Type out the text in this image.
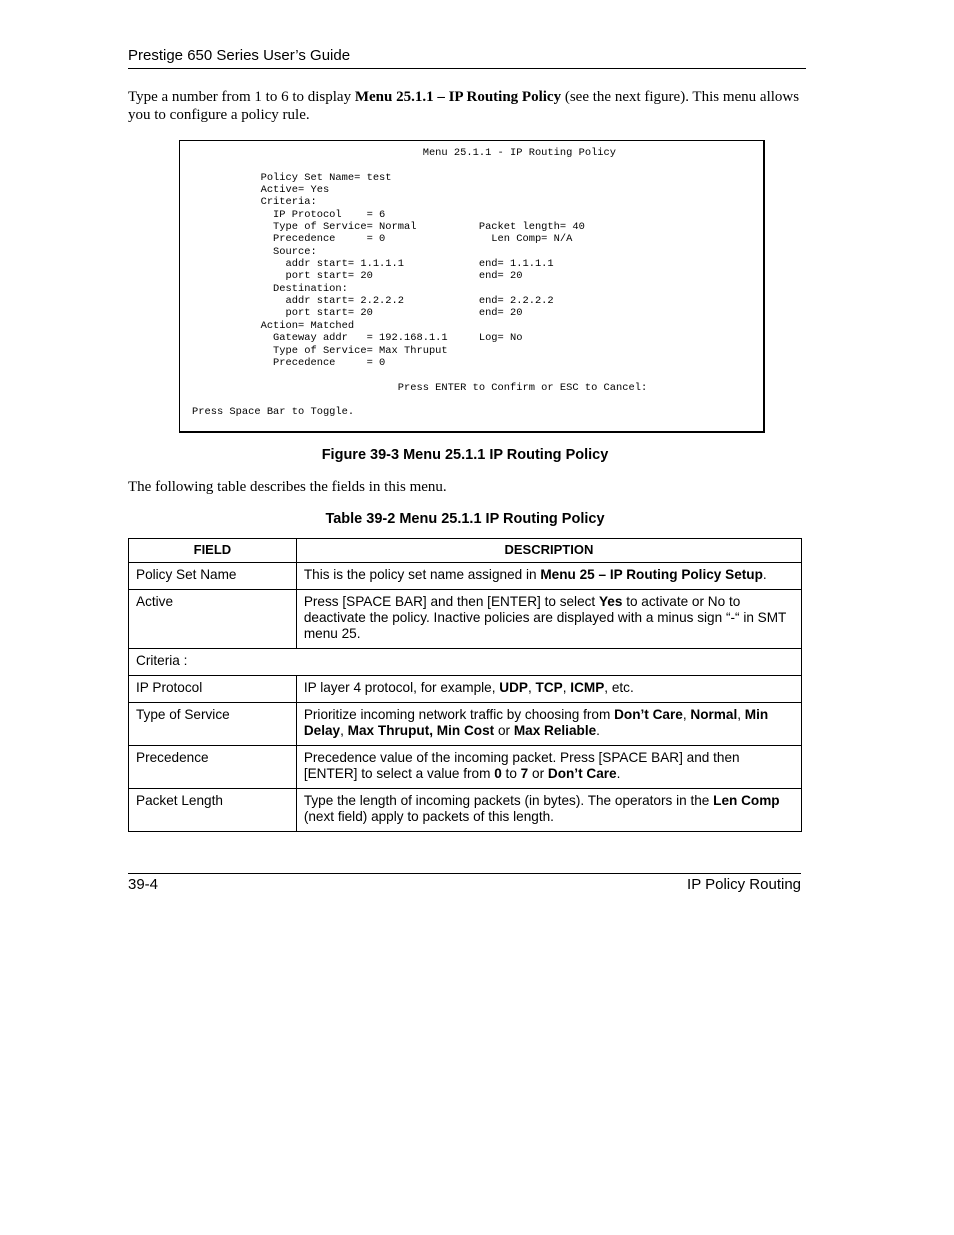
Prestige 650 Series User’s Guide
Type a number from 1 to 6 to display Menu 25.1.1 – IP Routing Policy (see the next figure). This menu allows you to configure a policy rule.
Menu 25.1.1 - IP Routing Policy

Policy Set Name= test
Active= Yes
Criteria:
IP Protocol    = 6
Type of Service= Normal          Packet length= 40
Precedence     = 0                 Len Comp= N/A
Source:
addr start= 1.1.1.1            end= 1.1.1.1
port start= 20                 end= 20
Destination:
addr start= 2.2.2.2            end= 2.2.2.2
port start= 20                 end= 20
Action= Matched
Gateway addr   = 192.168.1.1     Log= No
Type of Service= Max Thruput
Precedence     = 0

Press ENTER to Confirm or ESC to Cancel:

Press Space Bar to Toggle.
Figure 39-3 Menu 25.1.1 IP Routing Policy
The following table describes the fields in this menu.
Table 39-2 Menu 25.1.1 IP Routing Policy
FIELD	DESCRIPTION
Policy Set Name	This is the policy set name assigned in Menu 25 – IP Routing Policy Setup.
Active	Press [SPACE BAR] and then [ENTER] to select Yes to activate or No to deactivate the policy. Inactive policies are displayed with a minus sign “-“ in SMT menu 25.
Criteria :	
IP Protocol	IP layer 4 protocol, for example, UDP, TCP, ICMP, etc.
Type of Service	Prioritize incoming network traffic by choosing from Don’t Care, Normal, Min Delay, Max Thruput, Min Cost or Max Reliable.
Precedence	Precedence value of the incoming packet. Press [SPACE BAR] and then [ENTER] to select a value from 0 to 7 or Don’t Care.
Packet Length	Type the length of incoming packets (in bytes). The operators in the Len Comp (next field) apply to packets of this length.
39-4	IP Policy Routing
